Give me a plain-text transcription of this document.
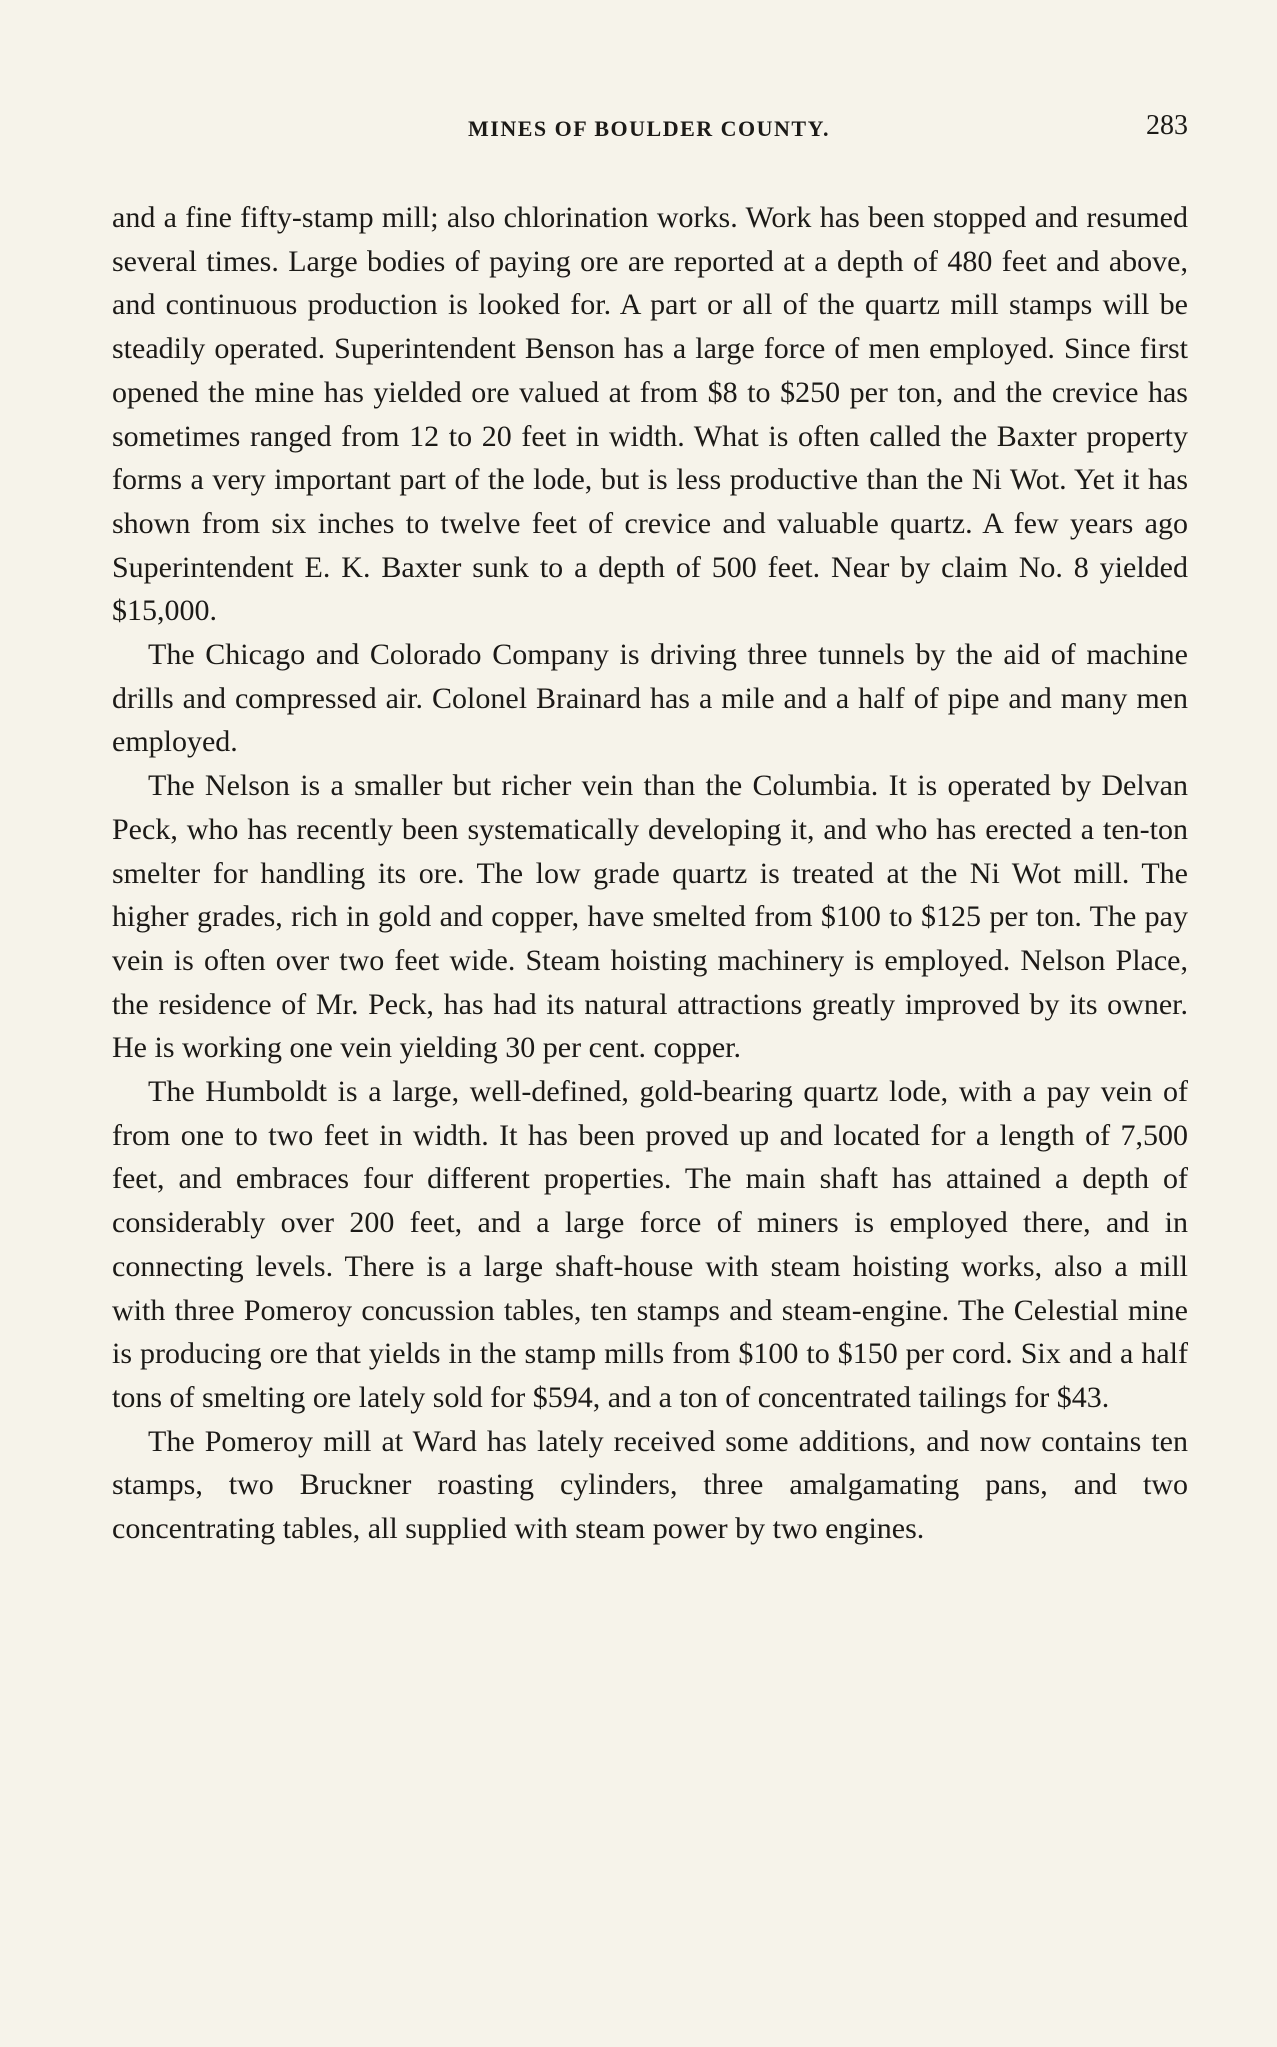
MINES OF BOULDER COUNTY.	283

and a fine fifty-stamp mill; also chlorination works. Work has been stopped and resumed several times. Large bodies of paying ore are reported at a depth of 480 feet and above, and continuous production is looked for. A part or all of the quartz mill stamps will be steadily operated. Superintendent Benson has a large force of men employed. Since first opened the mine has yielded ore valued at from $8 to $250 per ton, and the crevice has sometimes ranged from 12 to 20 feet in width. What is often called the Baxter property forms a very important part of the lode, but is less productive than the Ni Wot. Yet it has shown from six inches to twelve feet of crevice and valuable quartz. A few years ago Superintendent E. K. Baxter sunk to a depth of 500 feet. Near by claim No. 8 yielded $15,000.

The Chicago and Colorado Company is driving three tunnels by the aid of machine drills and compressed air. Colonel Brainard has a mile and a half of pipe and many men employed.

The Nelson is a smaller but richer vein than the Columbia. It is operated by Delvan Peck, who has recently been systematically developing it, and who has erected a ten-ton smelter for handling its ore. The low grade quartz is treated at the Ni Wot mill. The higher grades, rich in gold and copper, have smelted from $100 to $125 per ton. The pay vein is often over two feet wide. Steam hoisting machinery is employed. Nelson Place, the residence of Mr. Peck, has had its natural attractions greatly improved by its owner. He is working one vein yielding 30 per cent. copper.

The Humboldt is a large, well-defined, gold-bearing quartz lode, with a pay vein of from one to two feet in width. It has been proved up and located for a length of 7,500 feet, and embraces four different properties. The main shaft has attained a depth of considerably over 200 feet, and a large force of miners is employed there, and in connecting levels. There is a large shaft-house with steam hoisting works, also a mill with three Pomeroy concussion tables, ten stamps and steam-engine. The Celestial mine is producing ore that yields in the stamp mills from $100 to $150 per cord. Six and a half tons of smelting ore lately sold for $594, and a ton of concentrated tailings for $43.

The Pomeroy mill at Ward has lately received some additions, and now contains ten stamps, two Bruckner roasting cylinders, three amalgamating pans, and two concentrating tables, all supplied with steam power by two engines.
